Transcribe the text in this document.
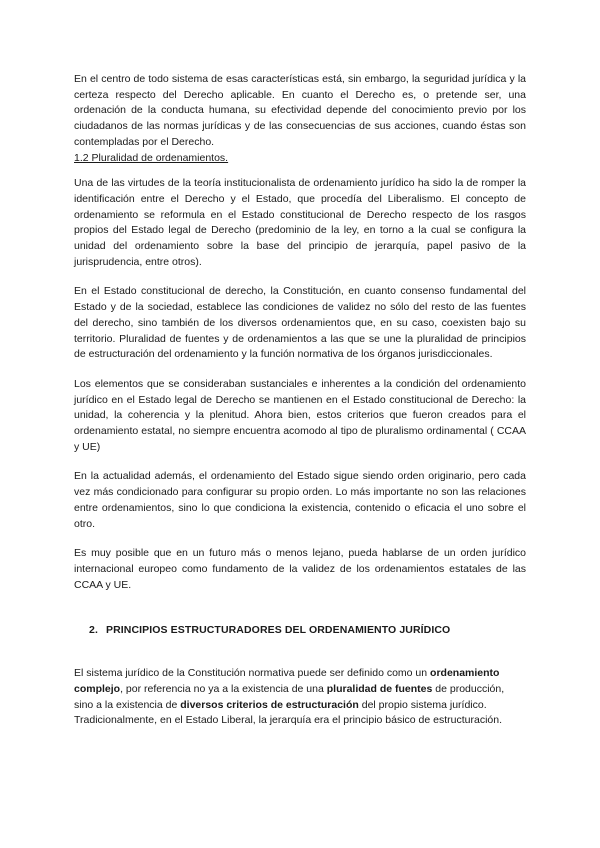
En el centro de todo sistema de esas características está, sin embargo, la seguridad jurídica y la certeza respecto del Derecho aplicable. En cuanto el Derecho es, o pretende ser, una ordenación de la conducta humana, su efectividad depende del conocimiento previo por los ciudadanos de las normas jurídicas y de las consecuencias de sus acciones, cuando éstas son contempladas por el Derecho.

1.2 Pluralidad de ordenamientos.

Una de las virtudes de la teoría institucionalista de ordenamiento jurídico ha sido la de romper la identificación entre el Derecho y el Estado, que procedía del Liberalismo. El concepto de ordenamiento se reformula en el Estado constitucional de Derecho respecto de los rasgos propios del Estado legal de Derecho (predominio de la ley, en torno a la cual se configura la unidad del ordenamiento sobre la base del principio de jerarquía, papel pasivo de la jurisprudencia, entre otros).

En el Estado constitucional de derecho, la Constitución, en cuanto consenso fundamental del Estado y de la sociedad, establece las condiciones de validez no sólo del resto de las fuentes del derecho, sino también de los diversos ordenamientos que, en su caso, coexisten bajo su territorio. Pluralidad de fuentes y de ordenamientos a las que se une la pluralidad de principios de estructuración del ordenamiento y la función normativa de los órganos jurisdiccionales.

Los elementos que se consideraban sustanciales e inherentes a la condición del ordenamiento jurídico en el Estado legal de Derecho se mantienen en el Estado constitucional de Derecho: la unidad, la coherencia y la plenitud. Ahora bien, estos criterios que fueron creados para el ordenamiento estatal, no siempre encuentra acomodo al tipo de pluralismo ordinamental ( CCAA y UE)

En la actualidad además, el ordenamiento del Estado sigue siendo orden originario, pero cada vez más condicionado para configurar su propio orden. Lo más importante no son las relaciones entre ordenamientos, sino lo que condiciona la existencia, contenido o eficacia el uno sobre el otro.

Es muy posible que en un futuro más o menos lejano, pueda hablarse de un orden jurídico internacional europeo como fundamento de la validez de los ordenamientos estatales de las CCAA y UE.

2. PRINCIPIOS ESTRUCTURADORES DEL ORDENAMIENTO JURÍDICO

El sistema jurídico de la Constitución normativa puede ser definido como un ordenamiento complejo, por referencia no ya a la existencia de una pluralidad de fuentes de producción, sino a la existencia de diversos criterios de estructuración del propio sistema jurídico. Tradicionalmente, en el Estado Liberal, la jerarquía era el principio básico de estructuración.
